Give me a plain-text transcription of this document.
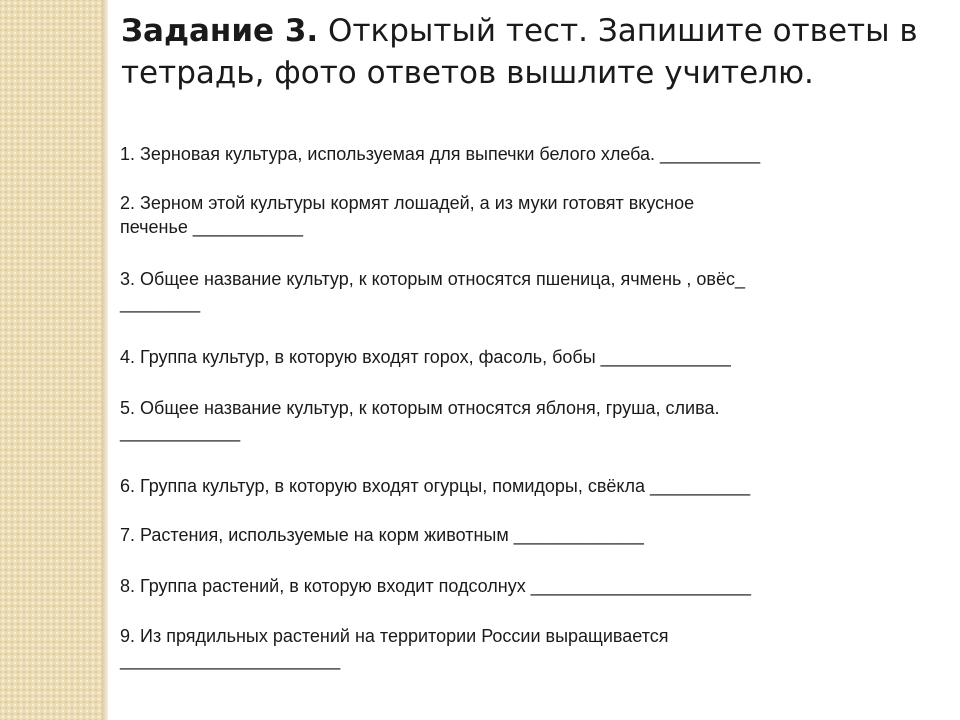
Задание 3. Открытый тест. Запишите ответы в
тетрадь, фото ответов вышлите учителю.
1. Зерновая культура, используемая для выпечки белого хлеба. __________
2. Зерном этой культуры кормят лошадей, а из муки готовят вкусное
печенье ___________
3. Общее название культур, к которым относятся пшеница, ячмень , овёс_
________
4. Группа культур, в которую входят горох, фасоль, бобы _____________
5. Общее название культур, к которым относятся яблоня, груша, слива.
____________
6. Группа культур, в которую входят огурцы, помидоры, свёкла __________
7. Растения, используемые на корм животным _____________
8. Группа растений, в которую входит подсолнух ______________________
9. Из прядильных растений на территории России выращивается
______________________
